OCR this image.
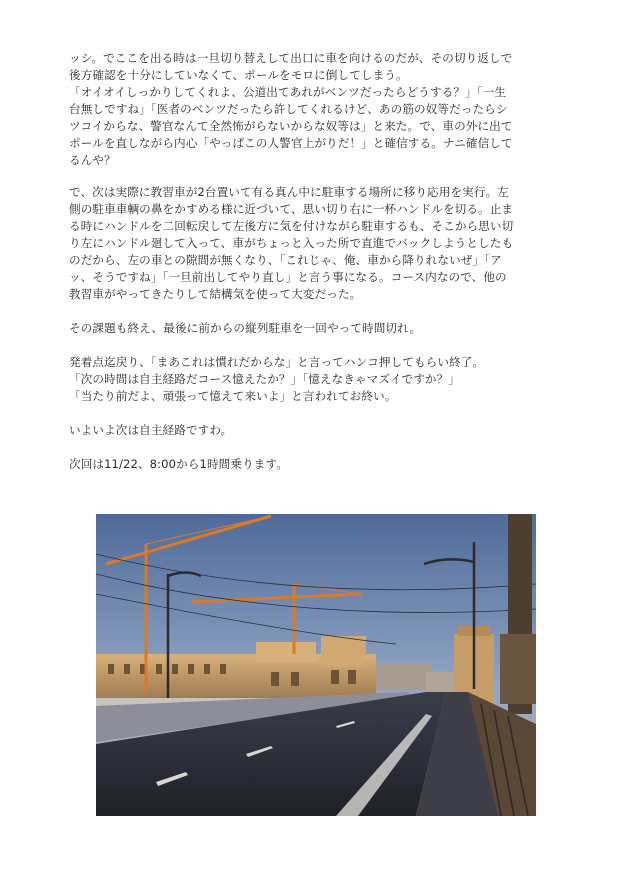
ッシ。でここを出る時は一旦切り替えして出口に車を向けるのだが、その切り返しで
後方確認を十分にしていなくて、ポールをモロに倒してしまう。
「オイオイしっかりしてくれよ、公道出てあれがベンツだったらどうする？」「一生
台無しですね」「医者のベンツだったら許してくれるけど、あの筋の奴等だったらシ
ツコイからな、警官なんて全然怖がらないからな奴等は」と来た。で、車の外に出て
ポールを直しながら内心「やっぱこの人警官上がりだ！」と確信する。ナニ確信して
るんや？

で、次は実際に教習車が2台置いて有る真ん中に駐車する場所に移り応用を実行。左
側の駐車車輌の鼻をかすめる様に近づいて、思い切り右に一杯ハンドルを切る。止ま
る時にハンドルを二回転戻して左後方に気を付けながら駐車するも、そこから思い切
り左にハンドル廻して入って、車がちょっと入った所で直進でバックしようとしたも
のだから、左の車との隙間が無くなり、「これじゃ、俺、車から降りれないぜ」「ア
ッ、そうですね」「一旦前出してやり直し」と言う事になる。コース内なので、他の
教習車がやってきたりして結構気を使って大変だった。

その課題も終え、最後に前からの縦列駐車を一回やって時間切れ。

発着点迄戻り、「まあこれは慣れだからな」と言ってハンコ押してもらい終了。
「次の時間は自主経路だコース憶えたか？」「憶えなきゃマズイですか？」
「当たり前だよ、頑張って憶えて来いよ」と言われてお終い。

いよいよ次は自主経路ですわ。

次回は11/22、8:00から1時間乗ります。
